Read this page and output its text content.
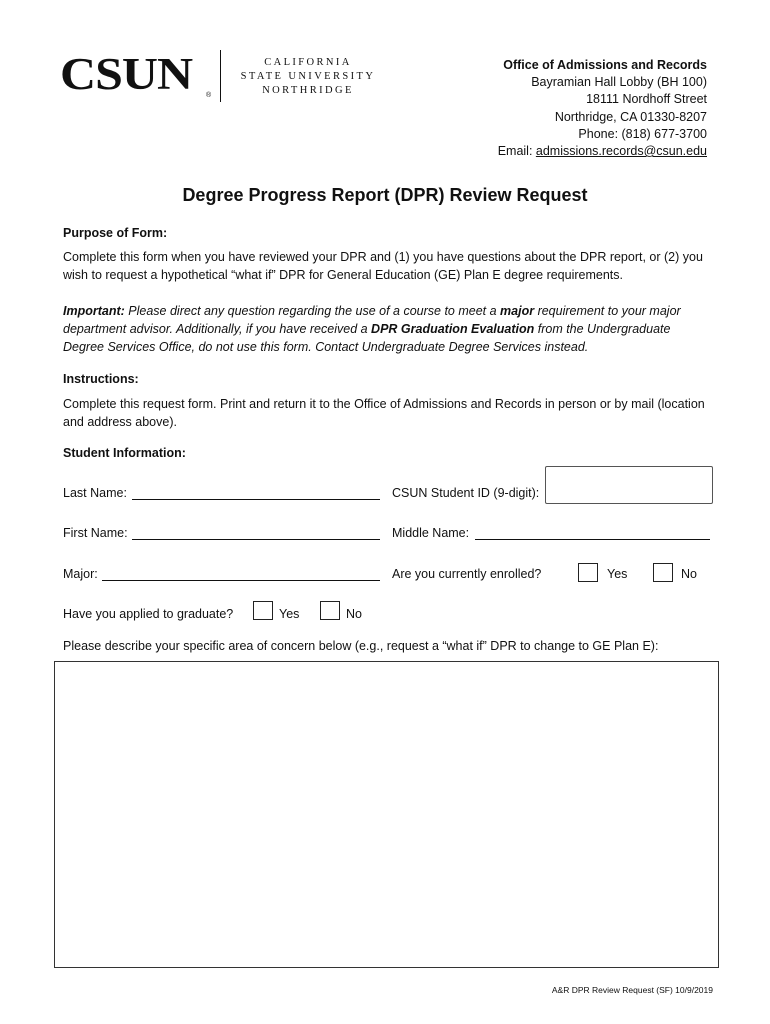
CSUN ®
CALIFORNIA
STATE UNIVERSITY
NORTHRIDGE
Office of Admissions and Records
Bayramian Hall Lobby (BH 100)
18111 Nordhoff Street
Northridge, CA 01330-8207
Phone: (818) 677-3700
Email: admissions.records@csun.edu
Degree Progress Report (DPR) Review Request
Purpose of Form:
Complete this form when you have reviewed your DPR and (1) you have questions about the DPR report, or (2) you wish to request a hypothetical “what if” DPR for General Education (GE) Plan E degree requirements.
Important: Please direct any question regarding the use of a course to meet a major requirement to your major department advisor. Additionally, if you have received a DPR Graduation Evaluation from the Undergraduate Degree Services Office, do not use this form. Contact Undergraduate Degree Services instead.
Instructions:
Complete this request form. Print and return it to the Office of Admissions and Records in person or by mail (location and address above).
Student Information:
Last Name:	CSUN Student ID (9-digit):
First Name:	Middle Name:
Major:	Are you currently enrolled?	Yes	No
Have you applied to graduate?	Yes	No
Please describe your specific area of concern below (e.g., request a “what if” DPR to change to GE Plan E):
A&R DPR Review Request (SF) 10/9/2019
